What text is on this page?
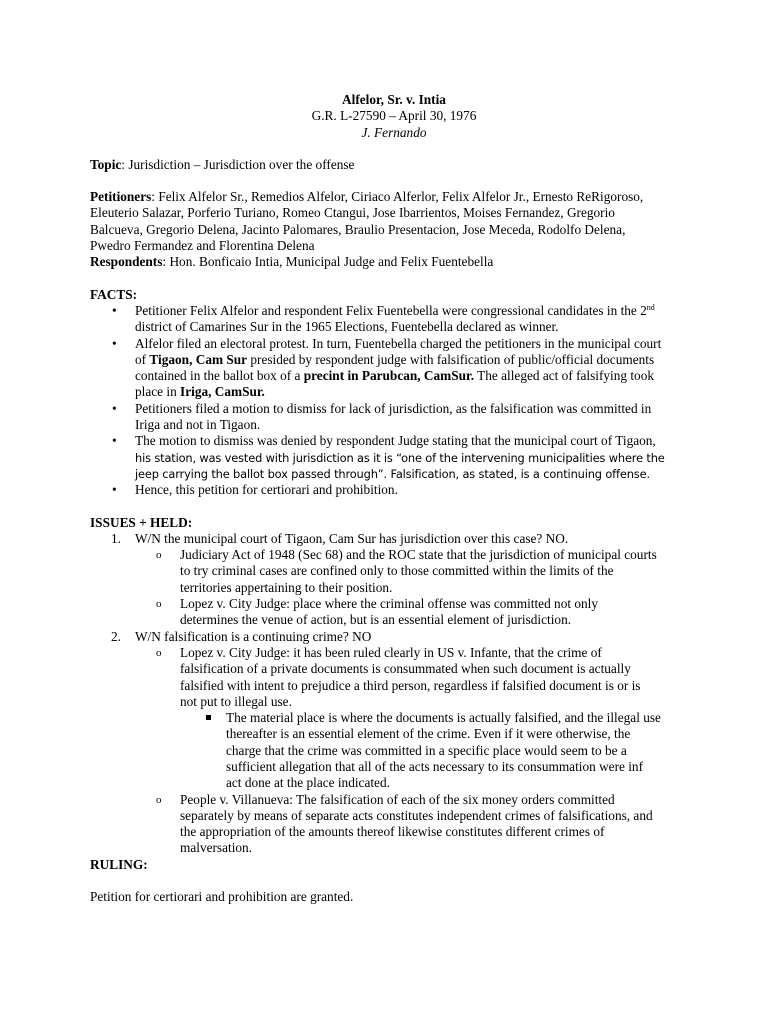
Alfelor, Sr. v. Intia

G.R. L-27590 – April 30, 1976

J. Fernando

Topic: Jurisdiction – Jurisdiction over the offense

Petitioners: Felix Alfelor Sr., Remedios Alfelor, Ciriaco Alferlor, Felix Alfelor Jr., Ernesto ReRigoroso,

Eleuterio Salazar, Porferio Turiano, Romeo Ctangui, Jose Ibarrientos, Moises Fernandez, Gregorio

Balcueva, Gregorio Delena, Jacinto Palomares, Braulio Presentacion, Jose Meceda, Rodolfo Delena,

Pwedro Fermandez and Florentina Delena

Respondents: Hon. Bonficaio Intia, Municipal Judge and Felix Fuentebella

FACTS:

• Petitioner Felix Alfelor and respondent Felix Fuentebella were congressional candidates in the 2nd
district of Camarines Sur in the 1965 Elections, Fuentebella declared as winner.
• Alfelor filed an electoral protest. In turn, Fuentebella charged the petitioners in the municipal court
of Tigaon, Cam Sur presided by respondent judge with falsification of public/official documents
contained in the ballot box of a precint in Parubcan, CamSur. The alleged act of falsifying took
place in Iriga, CamSur.
• Petitioners filed a motion to dismiss for lack of jurisdiction, as the falsification was committed in
Iriga and not in Tigaon.
• The motion to dismiss was denied by respondent Judge stating that the municipal court of Tigaon,
his station, was vested with jurisdiction as it is “one of the intervening municipalities where the
jeep carrying the ballot box passed through”. Falsification, as stated, is a continuing offense.
• Hence, this petition for certiorari and prohibition.

ISSUES + HELD:

1. W/N the municipal court of Tigaon, Cam Sur has jurisdiction over this case? NO.
o Judiciary Act of 1948 (Sec 68) and the ROC state that the jurisdiction of municipal courts
to try criminal cases are confined only to those committed within the limits of the
territories appertaining to their position.
o Lopez v. City Judge: place where the criminal offense was committed not only
determines the venue of action, but is an essential element of jurisdiction.
2. W/N falsification is a continuing crime? NO
o Lopez v. City Judge: it has been ruled clearly in US v. Infante, that the crime of
falsification of a private documents is consummated when such document is actually
falsified with intent to prejudice a third person, regardless if falsified document is or is
not put to illegal use.
The material place is where the documents is actually falsified, and the illegal use
thereafter is an essential element of the crime. Even if it were otherwise, the
charge that the crime was committed in a specific place would seem to be a
sufficient allegation that all of the acts necessary to its consummation were inf
act done at the place indicated.
o People v. Villanueva: The falsification of each of the six money orders committed
separately by means of separate acts constitutes independent crimes of falsifications, and
the appropriation of the amounts thereof likewise constitutes different crimes of
malversation.

RULING:

Petition for certiorari and prohibition are granted.
